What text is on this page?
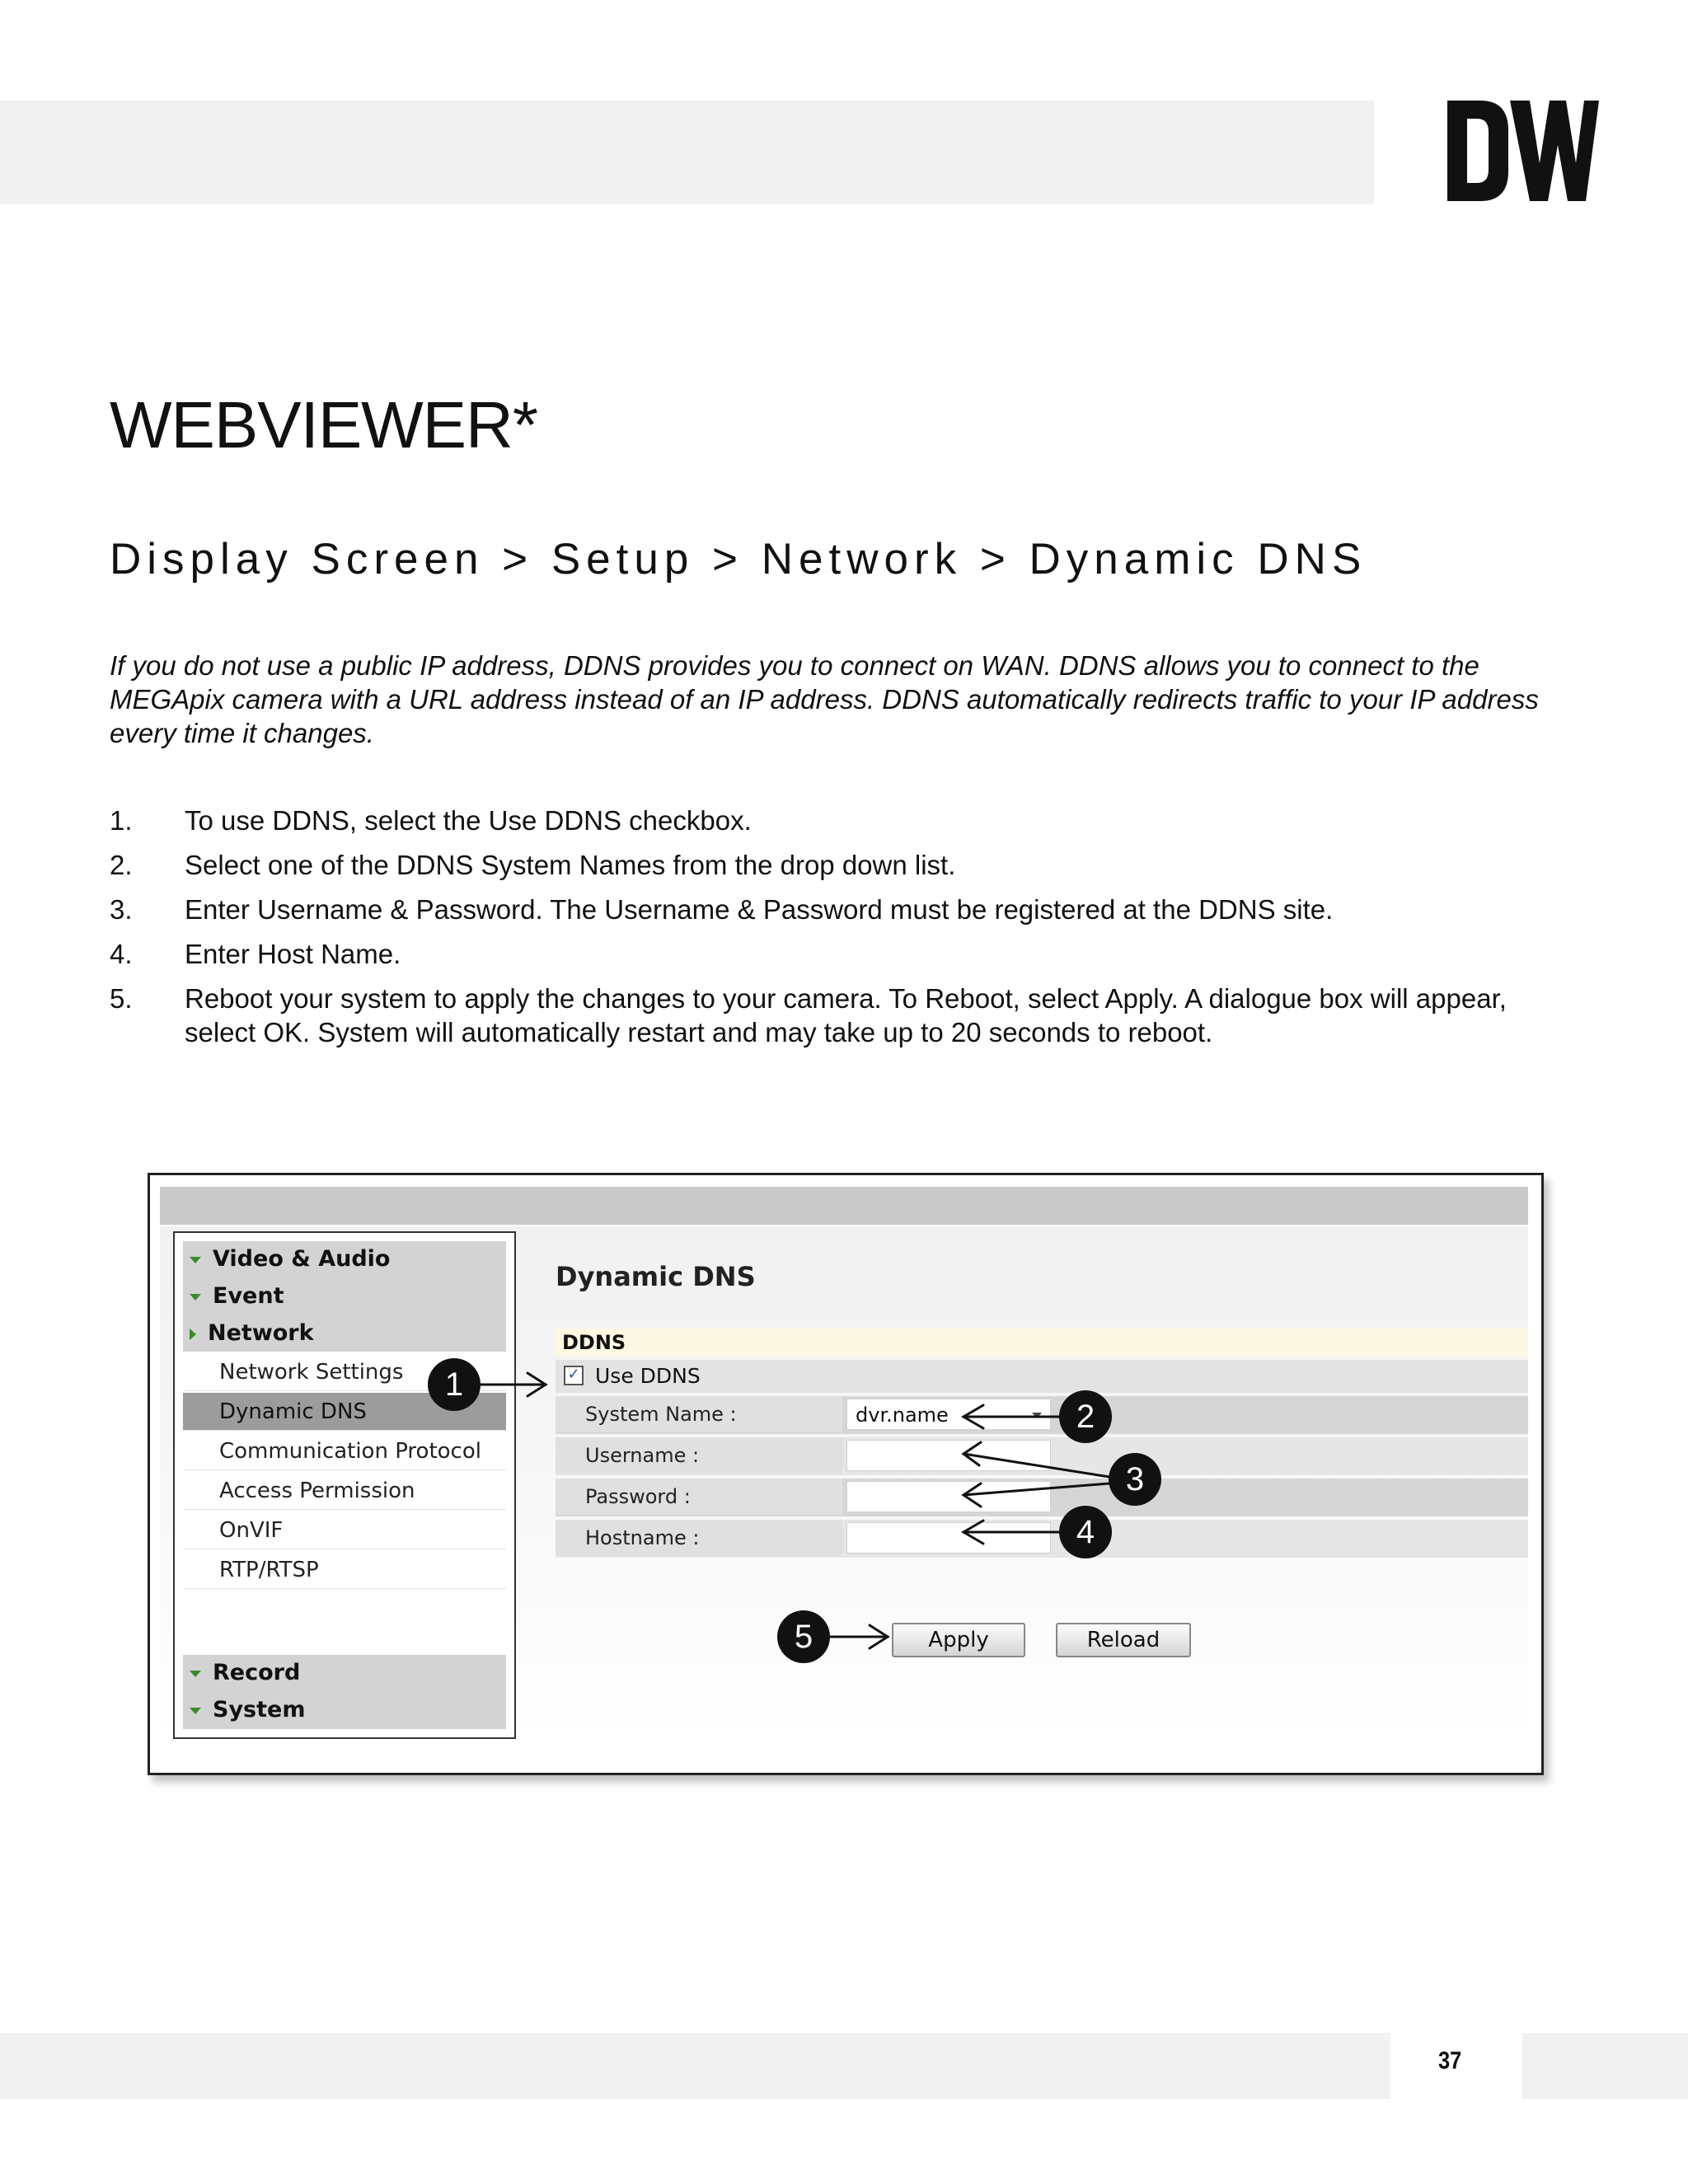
WEBVIEWER*
Display Screen > Setup > Network > Dynamic DNS

If you do not use a public IP address, DDNS provides you to connect on WAN. DDNS allows you to connect to the MEGApix camera with a URL address instead of an IP address. DDNS automatically redirects traffic to your IP address every time it changes.

1. To use DDNS, select the Use DDNS checkbox.
2. Select one of the DDNS System Names from the drop down list.
3. Enter Username & Password. The Username & Password must be registered at the DDNS site.
4. Enter Host Name.
5. Reboot your system to apply the changes to your camera. To Reboot, select Apply. A dialogue box will appear, select OK. System will automatically restart and may take up to 20 seconds to reboot.
Video & Audio
Event
Network
Network Settings
Dynamic DNS
Communication Protocol
Access Permission
OnVIF
RTP/RTSP
Record
System
Dynamic DNS
DDNS
✓ Use DDNS
System Name :	dvr.name
Username :
Password :
Hostname :
Apply	Reload
1
2
3
4
5
37
